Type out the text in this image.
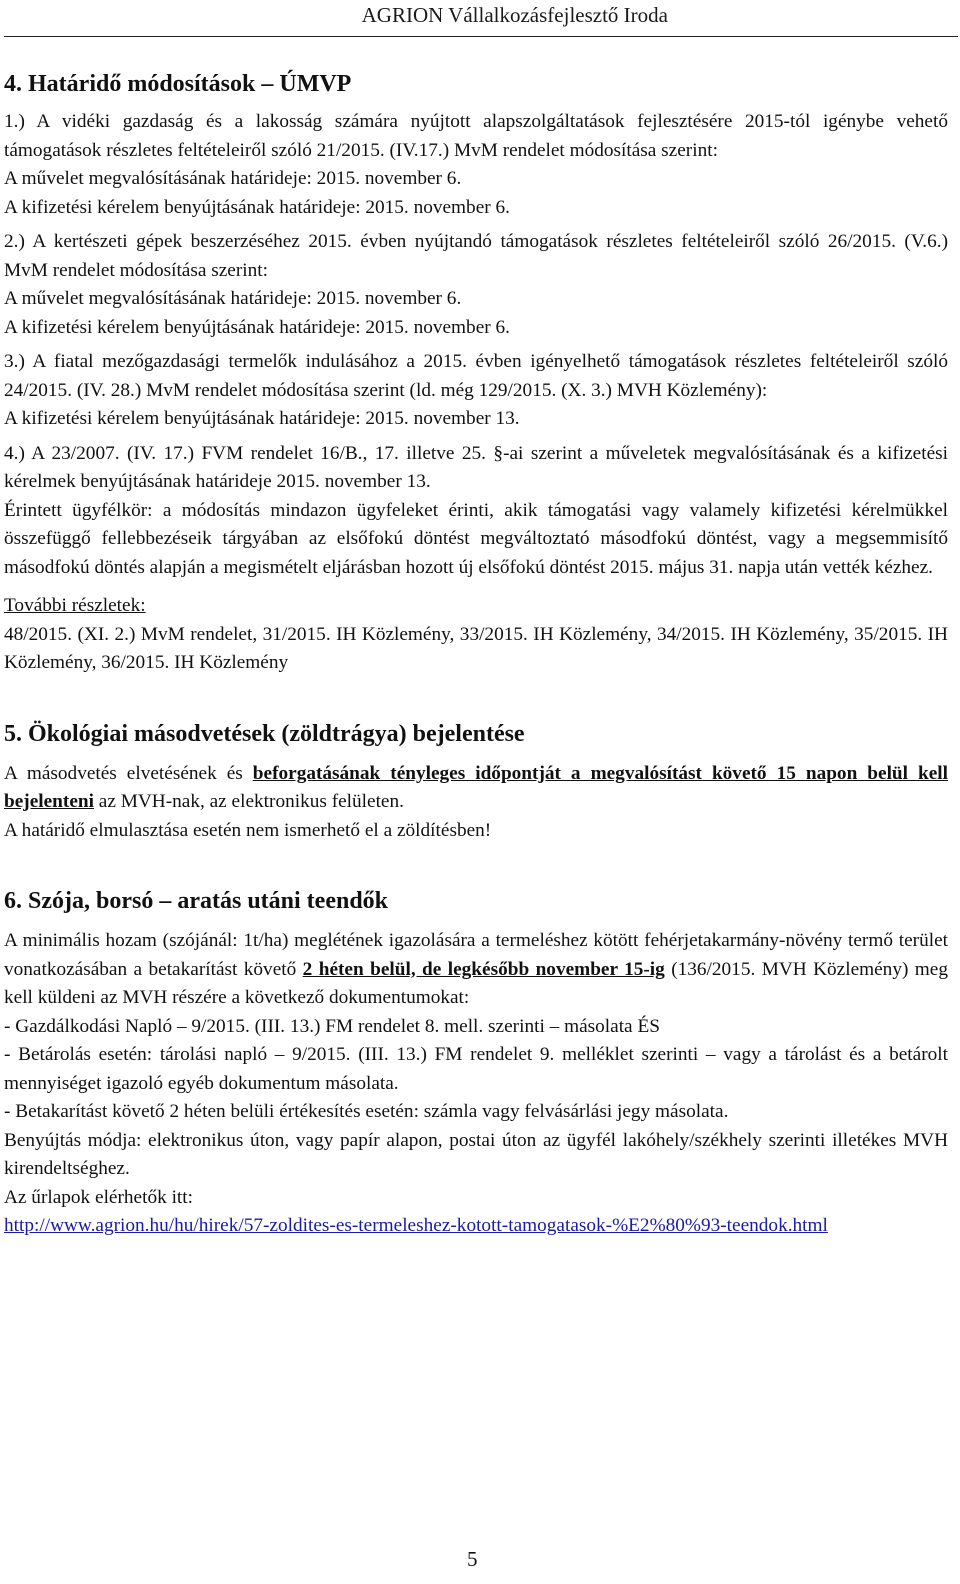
AGRION Vállalkozásfejlesztő Iroda
4. Határidő módosítások – ÚMVP

1.) A vidéki gazdaság és a lakosság számára nyújtott alapszolgáltatások fejlesztésére 2015-tól igénybe vehető támogatások részletes feltételeiről szóló 21/2015. (IV.17.) MvM rendelet módosítása szerint:

A művelet megvalósításának határideje: 2015. november 6.

A kifizetési kérelem benyújtásának határideje: 2015. november 6.

2.) A kertészeti gépek beszerzéséhez 2015. évben nyújtandó támogatások részletes feltételeiről szóló 26/2015. (V.6.) MvM rendelet módosítása szerint:

A művelet megvalósításának határideje: 2015. november 6.

A kifizetési kérelem benyújtásának határideje: 2015. november 6.

3.) A fiatal mezőgazdasági termelők indulásához a 2015. évben igényelhető támogatások részletes feltételeiről szóló 24/2015. (IV. 28.) MvM rendelet módosítása szerint (ld. még 129/2015. (X. 3.) MVH Közlemény):

A kifizetési kérelem benyújtásának határideje: 2015. november 13.

4.) A 23/2007. (IV. 17.) FVM rendelet 16/B., 17. illetve 25. §-ai szerint a műveletek megvalósításának és a kifizetési kérelmek benyújtásának határideje 2015. november 13.

Érintett ügyfélkör: a módosítás mindazon ügyfeleket érinti, akik támogatási vagy valamely kifizetési kérelmükkel összefüggő fellebbezéseik tárgyában az elsőfokú döntést megváltoztató másodfokú döntést, vagy a megsemmisítő másodfokú döntés alapján a megismételt eljárásban hozott új elsőfokú döntést 2015. május 31. napja után vették kézhez.

További részletek:

48/2015. (XI. 2.) MvM rendelet, 31/2015. IH Közlemény, 33/2015. IH Közlemény, 34/2015. IH Közlemény, 35/2015. IH Közlemény, 36/2015. IH Közlemény

5. Ökológiai másodvetések (zöldtrágya) bejelentése

A másodvetés elvetésének és beforgatásának tényleges időpontját a megvalósítást követő 15 napon belül kell bejelenteni az MVH-nak, az elektronikus felületen.

A határidő elmulasztása esetén nem ismerhető el a zöldítésben!

6. Szója, borsó – aratás utáni teendők

A minimális hozam (szójánál: 1t/ha) meglétének igazolására a termeléshez kötött fehérjetakarmány-növény termő terület vonatkozásában a betakarítást követő 2 héten belül, de legkésőbb november 15-ig (136/2015. MVH Közlemény) meg kell küldeni az MVH részére a következő dokumentumokat:

- Gazdálkodási Napló – 9/2015. (III. 13.) FM rendelet 8. mell. szerinti – másolata ÉS

- Betárolás esetén: tárolási napló – 9/2015. (III. 13.) FM rendelet 9. melléklet szerinti – vagy a tárolást és a betárolt mennyiséget igazoló egyéb dokumentum másolata.

- Betakarítást követő 2 héten belüli értékesítés esetén: számla vagy felvásárlási jegy másolata.

Benyújtás módja: elektronikus úton, vagy papír alapon, postai úton az ügyfél lakóhely/székhely szerinti illetékes MVH kirendeltséghez.

Az űrlapok elérhetők itt:

http://www.agrion.hu/hu/hirek/57-zoldites-es-termeleshez-kotott-tamogatasok-%E2%80%93-teendok.html

5
